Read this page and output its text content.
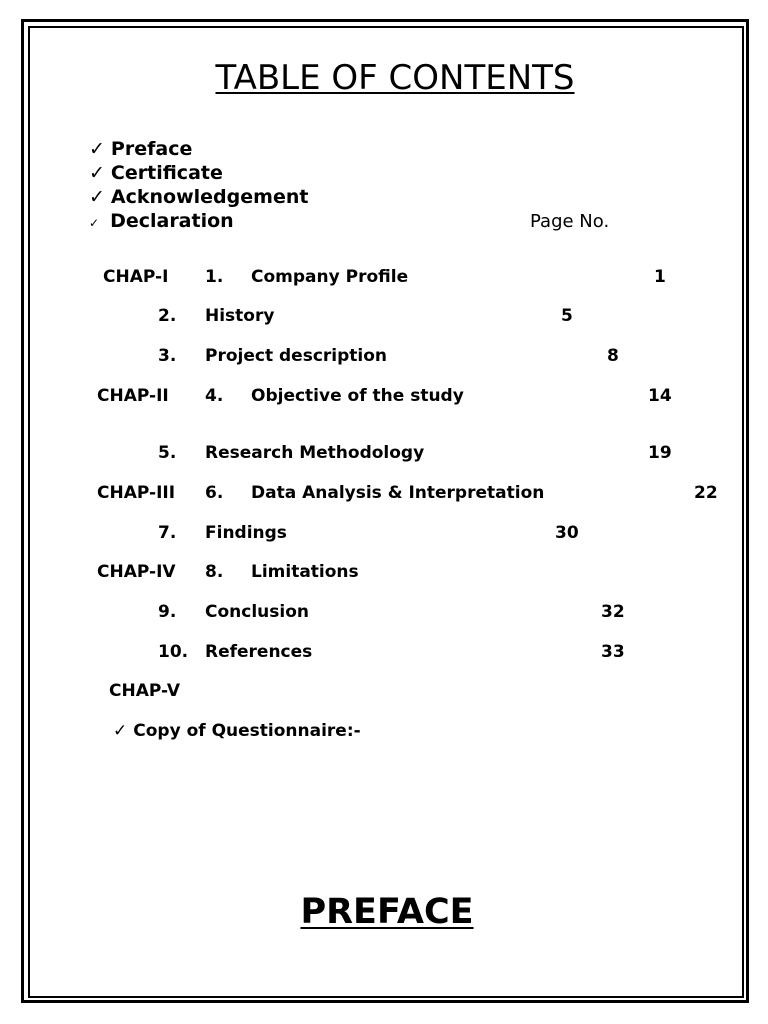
TABLE OF CONTENTS
✓ Preface
✓ Certificate
✓ Acknowledgement
✓ Declaration	Page No.
CHAP-I 1. Company Profile	1
2. History	5
3. Project description	8
CHAP-II 4. Objective of the study	14
5. Research Methodology	19
CHAP-III 6. Data Analysis & Interpretation	22
7. Findings	30
CHAP-IV 8. Limitations
9. Conclusion	32
10. References	33
CHAP-V
✓ Copy of Questionnaire:-
PREFACE
